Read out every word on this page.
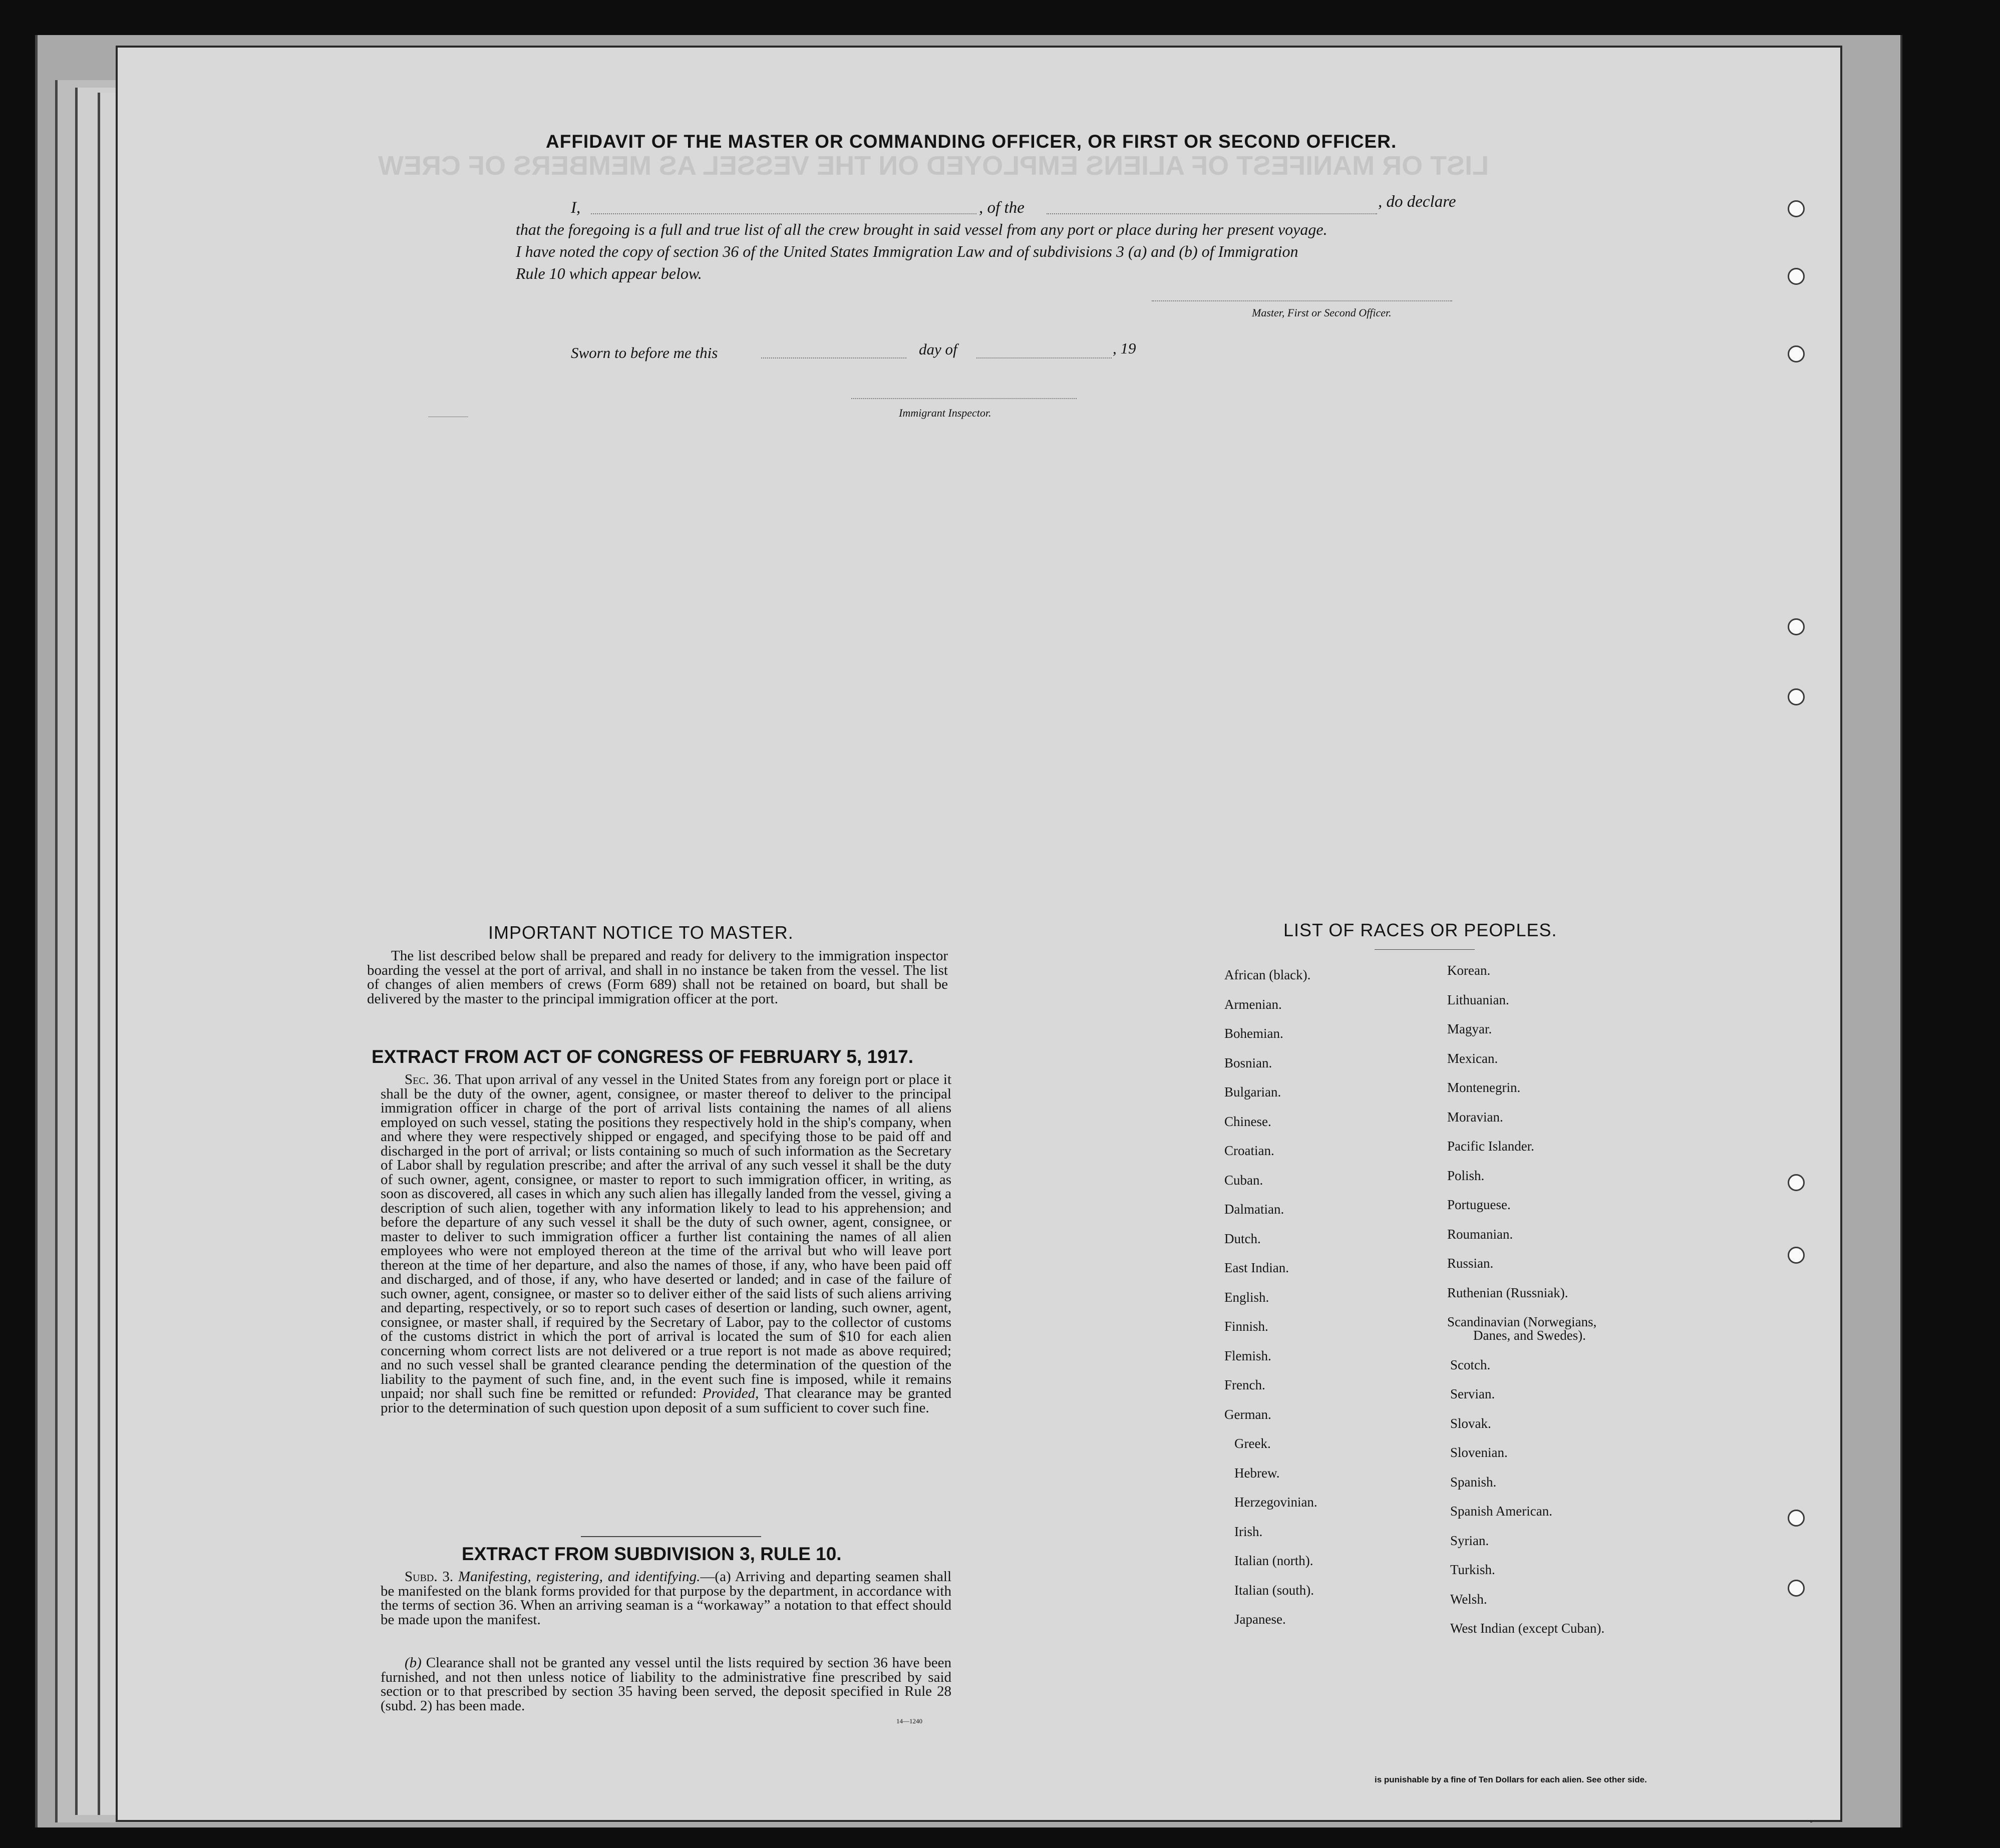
LIST OR MANIFEST OF ALIENS EMPLOYED ON THE VESSEL AS MEMBERS OF CREW
AFFIDAVIT OF THE MASTER OR COMMANDING OFFICER, OR FIRST OR SECOND OFFICER.
I,	, of the	, do declare
that the foregoing is a full and true list of all the crew brought in said vessel from any port or place during her present voyage.
I have noted the copy of section 36 of the United States Immigration Law and of subdivisions 3 (a) and (b) of Immigration
Rule 10 which appear below.
Master, First or Second Officer.
Sworn to before me this	day of	, 19
Immigrant Inspector.
IMPORTANT NOTICE TO MASTER.
The list described below shall be prepared and ready for delivery to the immigration inspector boarding the vessel at the port of arrival, and shall in no instance be taken from the vessel. The list of changes of alien members of crews (Form 689) shall not be retained on board, but shall be delivered by the master to the principal immigration officer at the port.
EXTRACT FROM ACT OF CONGRESS OF FEBRUARY 5, 1917.
Sec. 36. That upon arrival of any vessel in the United States from any foreign port or place it shall be the duty of the owner, agent, consignee, or master thereof to deliver to the principal immigration officer in charge of the port of arrival lists containing the names of all aliens employed on such vessel, stating the positions they respectively hold in the ship's company, when and where they were respectively shipped or engaged, and specifying those to be paid off and discharged in the port of arrival; or lists containing so much of such information as the Secretary of Labor shall by regulation prescribe; and after the arrival of any such vessel it shall be the duty of such owner, agent, consignee, or master to report to such immigration officer, in writing, as soon as discovered, all cases in which any such alien has illegally landed from the vessel, giving a description of such alien, together with any information likely to lead to his apprehension; and before the departure of any such vessel it shall be the duty of such owner, agent, consignee, or master to deliver to such immigration officer a further list containing the names of all alien employees who were not employed thereon at the time of the arrival but who will leave port thereon at the time of her departure, and also the names of those, if any, who have been paid off and discharged, and of those, if any, who have deserted or landed; and in case of the failure of such owner, agent, consignee, or master so to deliver either of the said lists of such aliens arriving and departing, respectively, or so to report such cases of desertion or landing, such owner, agent, consignee, or master shall, if required by the Secretary of Labor, pay to the collector of customs of the customs district in which the port of arrival is located the sum of $10 for each alien concerning whom correct lists are not delivered or a true report is not made as above required; and no such vessel shall be granted clearance pending the determination of the question of the liability to the payment of such fine, and, in the event such fine is imposed, while it remains unpaid; nor shall such fine be remitted or refunded: Provided, That clearance may be granted prior to the determination of such question upon deposit of a sum sufficient to cover such fine.
EXTRACT FROM SUBDIVISION 3, RULE 10.
Subd. 3. Manifesting, registering, and identifying.—(a) Arriving and departing seamen shall be manifested on the blank forms provided for that purpose by the department, in accordance with the terms of section 36. When an arriving seaman is a “workaway” a notation to that effect should be made upon the manifest.
(b) Clearance shall not be granted any vessel until the lists required by section 36 have been furnished, and not then unless notice of liability to the administrative fine prescribed by said section or to that prescribed by section 35 having been served, the deposit specified in Rule 28 (subd. 2) has been made.
14—1240
LIST OF RACES OR PEOPLES.
African (black).
Armenian.
Bohemian.
Bosnian.
Bulgarian.
Chinese.
Croatian.
Cuban.
Dalmatian.
Dutch.
East Indian.
English.
Finnish.
Flemish.
French.
German.
Greek.
Hebrew.
Herzegovinian.
Irish.
Italian (north).
Italian (south).
Japanese.
Korean.
Lithuanian.
Magyar.
Mexican.
Montenegrin.
Moravian.
Pacific Islander.
Polish.
Portuguese.
Roumanian.
Russian.
Ruthenian (Russniak).
Scandinavian (Norwegians,
Danes, and Swedes).
Scotch.
Servian.
Slovak.
Slovenian.
Spanish.
Spanish American.
Syrian.
Turkish.
Welsh.
West Indian (except Cuban).
is punishable by a fine of Ten Dollars for each alien. See other side.
